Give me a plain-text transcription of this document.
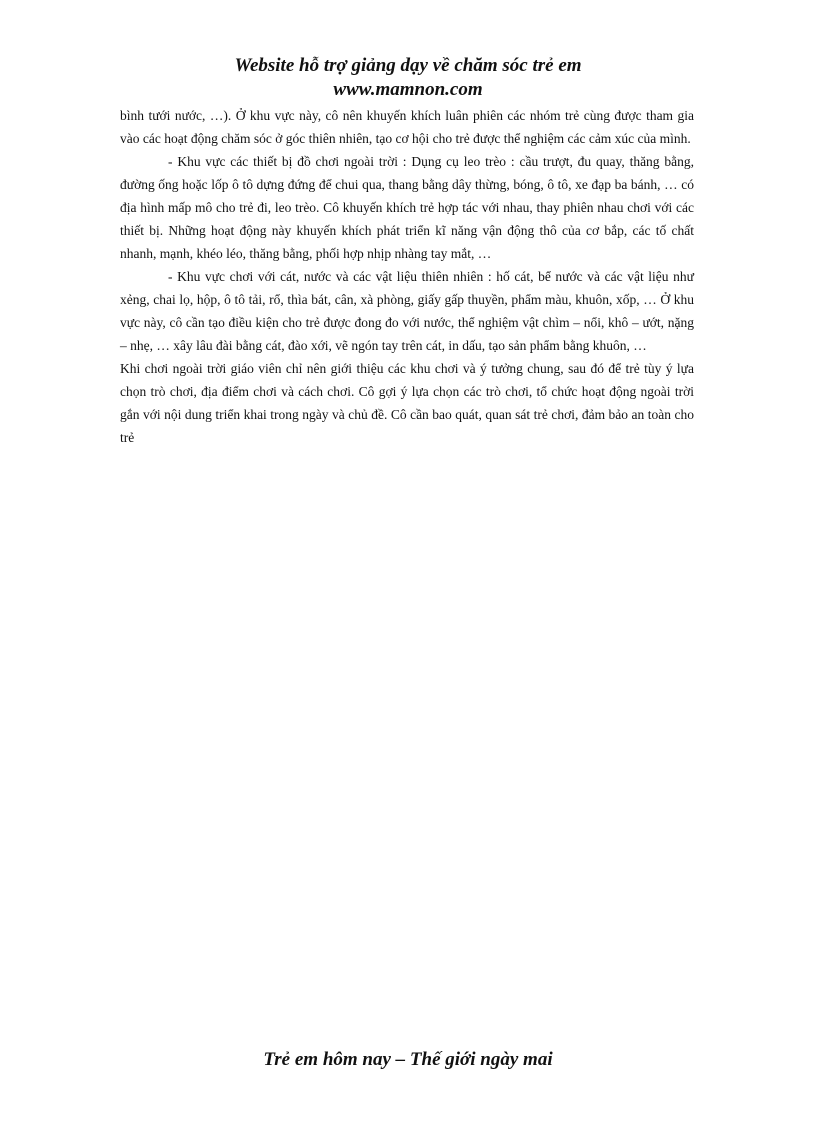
Website hỗ trợ giảng dạy về chăm sóc trẻ em
www.mamnon.com

bình tưới nước, …). Ở khu vực này, cô nên khuyến khích luân phiên các nhóm trẻ cùng được tham gia vào các hoạt động chăm sóc ở góc thiên nhiên, tạo cơ hội cho trẻ được thể nghiệm các cảm xúc của mình.

- Khu vực các thiết bị đồ chơi ngoài trời : Dụng cụ leo trèo : cầu trượt, đu quay, thăng bằng, đường ống hoặc lốp ô tô dựng đứng để chui qua, thang bằng dây thừng, bóng, ô tô, xe đạp ba bánh, … có địa hình mấp mô cho trẻ đi, leo trèo. Cô khuyến khích trẻ hợp tác với nhau, thay phiên nhau chơi với các thiết bị. Những hoạt động này khuyến khích phát triển kĩ năng vận động thô của cơ bắp, các tố chất nhanh, mạnh, khéo léo, thăng bằng, phối hợp nhịp nhàng tay mắt, …

- Khu vực chơi với cát, nước và các vật liệu thiên nhiên : hố cát, bể nước và các vật liệu như xẻng, chai lọ, hộp, ô tô tải, rổ, thìa bát, cân, xà phòng, giấy gấp thuyền, phẩm màu, khuôn, xốp, … Ở khu vực này, cô cần tạo điều kiện cho trẻ được đong đo với nước, thể nghiệm vật chìm – nổi, khô – ướt, nặng – nhẹ, … xây lâu đài bằng cát, đào xới, vẽ ngón tay trên cát, in dấu, tạo sản phẩm bằng khuôn, …

Khi chơi ngoài trời giáo viên chỉ nên giới thiệu các khu chơi và ý tưởng chung, sau đó để trẻ tùy ý lựa chọn trò chơi, địa điểm chơi và cách chơi. Cô gợi ý lựa chọn các trò chơi, tổ chức hoạt động ngoài trời gắn với nội dung triển khai trong ngày và chủ đề. Cô cần bao quát, quan sát trẻ chơi, đảm bảo an toàn cho trẻ

Trẻ em hôm nay – Thế giới ngày mai
